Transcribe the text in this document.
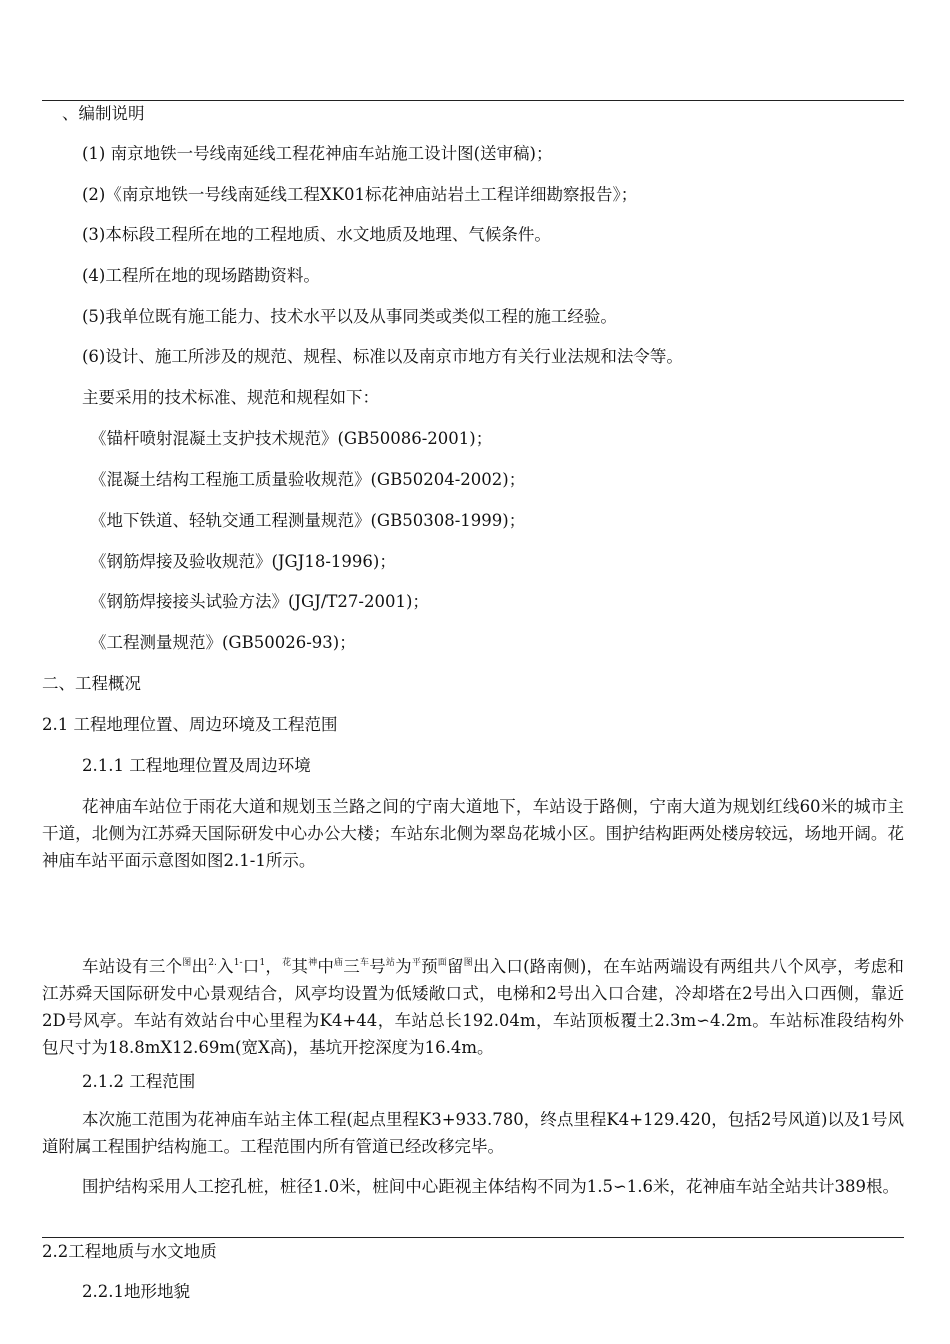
、编制说明
(1) 南京地铁一号线南延线工程花神庙车站施工设计图(送审稿)；
(2)《南京地铁一号线南延线工程XK01标花神庙站岩土工程详细勘察报告》；
(3)本标段工程所在地的工程地质、水文地质及地理、气候条件。
(4)工程所在地的现场踏勘资料。
(5)我单位既有施工能力、技术水平以及从事同类或类似工程的施工经验。
(6)设计、施工所涉及的规范、规程、标准以及南京市地方有关行业法规和法令等。
主要采用的技术标准、规范和规程如下：
《锚杆喷射混凝土支护技术规范》(GB50086-2001)；
《混凝土结构工程施工质量验收规范》(GB50204-2002)；
《地下铁道、轻轨交通工程测量规范》(GB50308-1999)；
《钢筋焊接及验收规范》(JGJ18-1996)；
《钢筋焊接接头试验方法》(JGJ/T27-2001)；
《工程测量规范》(GB50026-93)；
二、工程概况
2.1 工程地理位置、周边环境及工程范围
2.1.1 工程地理位置及周边环境

花神庙车站位于雨花大道和规划玉兰路之间的宁南大道地下，车站设于路侧，宁南大道为规划红线60米的城市主干道，北侧为江苏舜天国际研发中心办公大楼；车站东北侧为翠岛花城小区。围护结构距两处楼房较远，场地开阔。花神庙车站平面示意图如图2.1-1所示。

车站设有三个$^图$出$^{2.}$入$^{1-}$口$^1$，$^花$其$^神$中$^庙$三$^车$号$^站$为$^平$预$^面$留$^图$出入口(路南侧)，在车站两端设有两组共八个风亭，考虑和江苏舜天国际研发中心景观结合，风亭均设置为低矮敞口式，电梯和2号出入口合建，冷却塔在2号出入口西侧，靠近2D号风亭。车站有效站台中心里程为K4+44，车站总长192.04m，车站顶板覆土2.3m∽4.2m。车站标准段结构外包尺寸为18.8mX12.69m(宽X高)，基坑开挖深度为16.4m。

2.1.2 工程范围

本次施工范围为花神庙车站主体工程(起点里程K3+933.780，终点里程K4+129.420，包括2号风道)以及1号风道附属工程围护结构施工。工程范围内所有管道已经改移完毕。

围护结构采用人工挖孔桩，桩径1.0米，桩间中心距视主体结构不同为1.5∽1.6米，花神庙车站全站共计389根。

2.2工程地质与水文地质
2.2.1地形地貌
